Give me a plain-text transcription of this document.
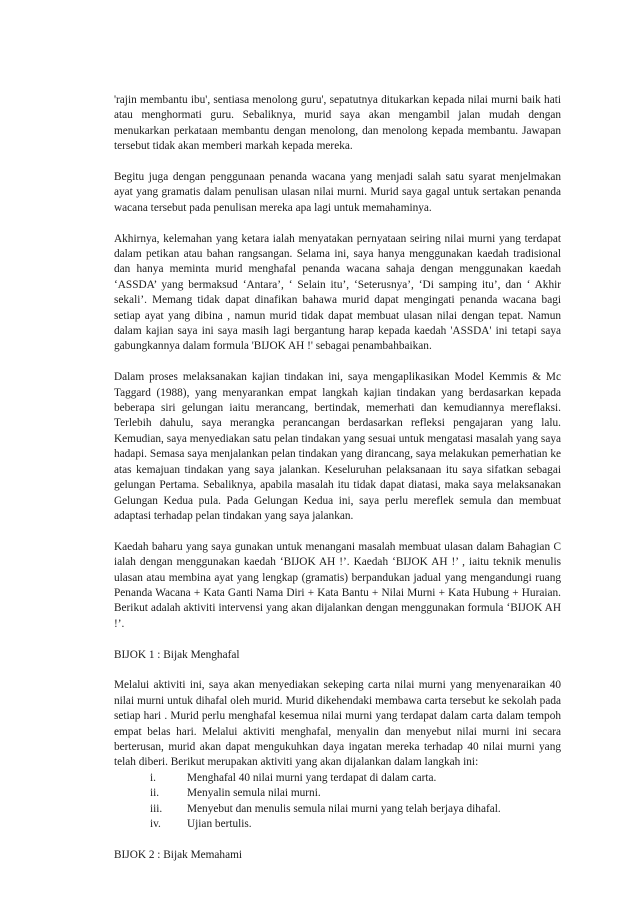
'rajin membantu ibu', sentiasa menolong guru', sepatutnya ditukarkan kepada nilai murni baik hati atau menghormati guru. Sebaliknya, murid saya akan mengambil jalan mudah dengan menukarkan perkataan membantu dengan menolong, dan menolong kepada membantu. Jawapan tersebut tidak akan memberi markah kepada mereka.

Begitu juga dengan penggunaan penanda wacana yang menjadi salah satu syarat menjelmakan ayat yang gramatis dalam penulisan ulasan nilai murni. Murid saya gagal untuk sertakan penanda wacana tersebut pada penulisan mereka apa lagi untuk memahaminya.

Akhirnya, kelemahan yang ketara ialah menyatakan pernyataan seiring nilai murni yang terdapat dalam petikan atau bahan rangsangan. Selama ini, saya hanya menggunakan kaedah tradisional dan hanya meminta murid menghafal penanda wacana sahaja dengan menggunakan kaedah ‘ASSDA’ yang bermaksud ‘Antara’, ‘ Selain itu’, ‘Seterusnya’, ‘Di samping itu’, dan ‘ Akhir sekali’. Memang tidak dapat dinafikan bahawa murid dapat mengingati penanda wacana bagi setiap ayat yang dibina , namun murid tidak dapat membuat ulasan nilai dengan tepat. Namun dalam kajian saya ini saya masih lagi bergantung harap kepada kaedah 'ASSDA' ini tetapi saya gabungkannya dalam formula 'BIJOK AH !' sebagai penambahbaikan.

Dalam proses melaksanakan kajian tindakan ini, saya mengaplikasikan Model Kemmis & Mc Taggard (1988), yang menyarankan empat langkah kajian tindakan yang berdasarkan kepada beberapa siri gelungan iaitu merancang, bertindak, memerhati dan kemudiannya mereflaksi. Terlebih dahulu, saya merangka perancangan berdasarkan refleksi pengajaran yang lalu. Kemudian, saya menyediakan satu pelan tindakan yang sesuai untuk mengatasi masalah yang saya hadapi. Semasa saya menjalankan pelan tindakan yang dirancang, saya melakukan pemerhatian ke atas kemajuan tindakan yang saya jalankan. Keseluruhan pelaksanaan itu saya sifatkan sebagai gelungan Pertama. Sebaliknya, apabila masalah itu tidak dapat diatasi, maka saya melaksanakan Gelungan Kedua pula. Pada Gelungan Kedua ini, saya perlu mereflek semula dan membuat adaptasi terhadap pelan tindakan yang saya jalankan.

Kaedah baharu yang saya gunakan untuk menangani masalah membuat ulasan dalam Bahagian C ialah dengan menggunakan kaedah ‘BIJOK AH !’. Kaedah ‘BIJOK AH !’ , iaitu teknik menulis ulasan atau membina ayat yang lengkap (gramatis) berpandukan jadual yang mengandungi ruang Penanda Wacana + Kata Ganti Nama Diri + Kata Bantu + Nilai Murni + Kata Hubung + Huraian. Berikut adalah aktiviti intervensi yang akan dijalankan dengan menggunakan formula ‘BIJOK AH !’.

BIJOK 1 : Bijak Menghafal

Melalui aktiviti ini, saya akan menyediakan sekeping carta nilai murni yang menyenaraikan 40 nilai murni untuk dihafal oleh murid. Murid dikehendaki membawa carta tersebut ke sekolah pada setiap hari . Murid perlu menghafal kesemua nilai murni yang terdapat dalam carta dalam tempoh empat belas hari. Melalui aktiviti menghafal, menyalin dan menyebut nilai murni ini secara berterusan, murid akan dapat mengukuhkan daya ingatan mereka terhadap 40 nilai murni yang telah diberi. Berikut merupakan aktiviti yang akan dijalankan dalam langkah ini:

i.	Menghafal 40 nilai murni yang terdapat di dalam carta.
ii.	Menyalin semula nilai murni.
iii.	Menyebut dan menulis semula nilai murni yang telah berjaya dihafal.
iv.	Ujian bertulis.

BIJOK 2 : Bijak Memahami
